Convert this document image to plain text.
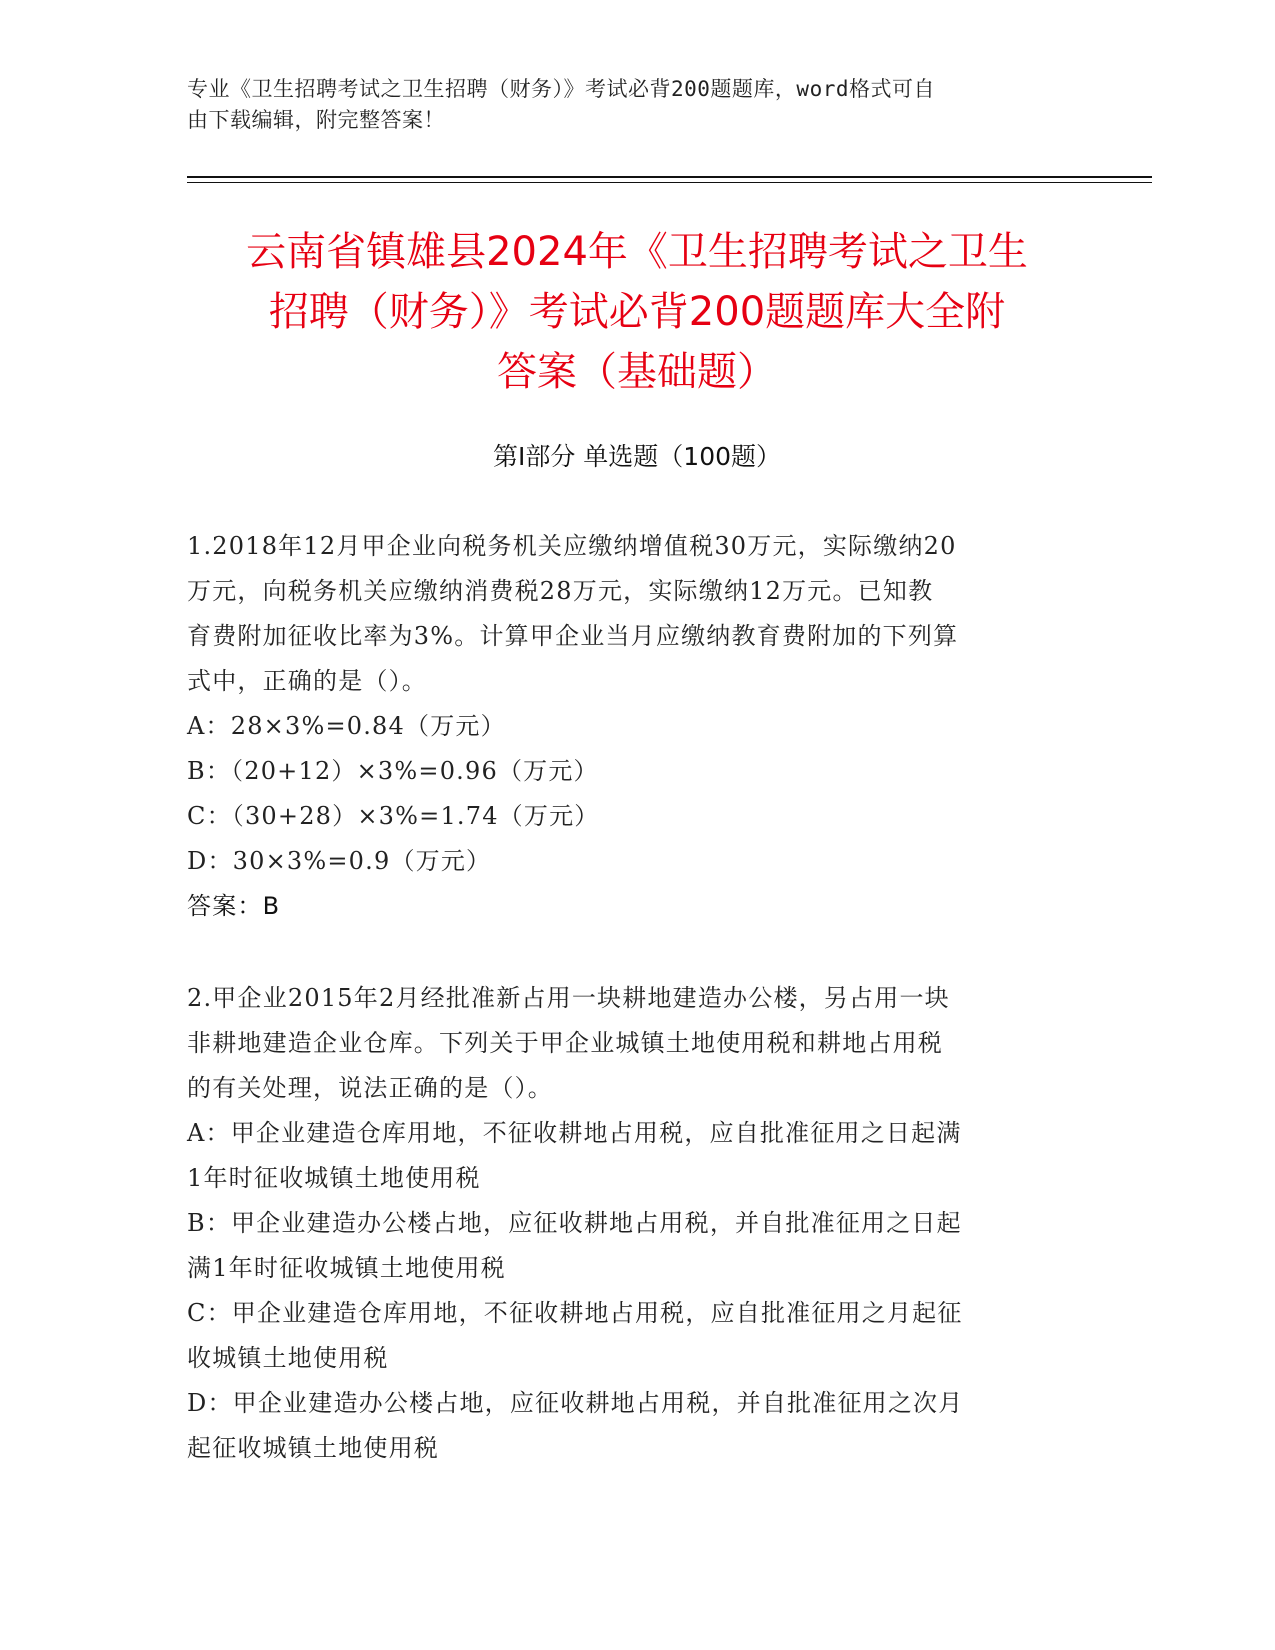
专业《卫生招聘考试之卫生招聘（财务）》考试必背200题题库，word格式可自
由下载编辑，附完整答案！
云南省镇雄县2024年《卫生招聘考试之卫生
招聘（财务）》考试必背200题题库大全附
答案（基础题）
第Ⅰ部分 单选题（100题）

1.2018年12月甲企业向税务机关应缴纳增值税30万元，实际缴纳20

万元，向税务机关应缴纳消费税28万元，实际缴纳12万元。已知教

育费附加征收比率为3%。计算甲企业当月应缴纳教育费附加的下列算

式中，正确的是（）。

A：28×3%=0.84（万元）

B：（20+12）×3%=0.96（万元）

C：（30+28）×3%=1.74（万元）

D：30×3%=0.9（万元）

答案：B

2.甲企业2015年2月经批准新占用一块耕地建造办公楼，另占用一块

非耕地建造企业仓库。下列关于甲企业城镇土地使用税和耕地占用税

的有关处理，说法正确的是（）。

A：甲企业建造仓库用地，不征收耕地占用税，应自批准征用之日起满

1年时征收城镇土地使用税

B：甲企业建造办公楼占地，应征收耕地占用税，并自批准征用之日起

满1年时征收城镇土地使用税

C：甲企业建造仓库用地，不征收耕地占用税，应自批准征用之月起征

收城镇土地使用税

D：甲企业建造办公楼占地，应征收耕地占用税，并自批准征用之次月

起征收城镇土地使用税
